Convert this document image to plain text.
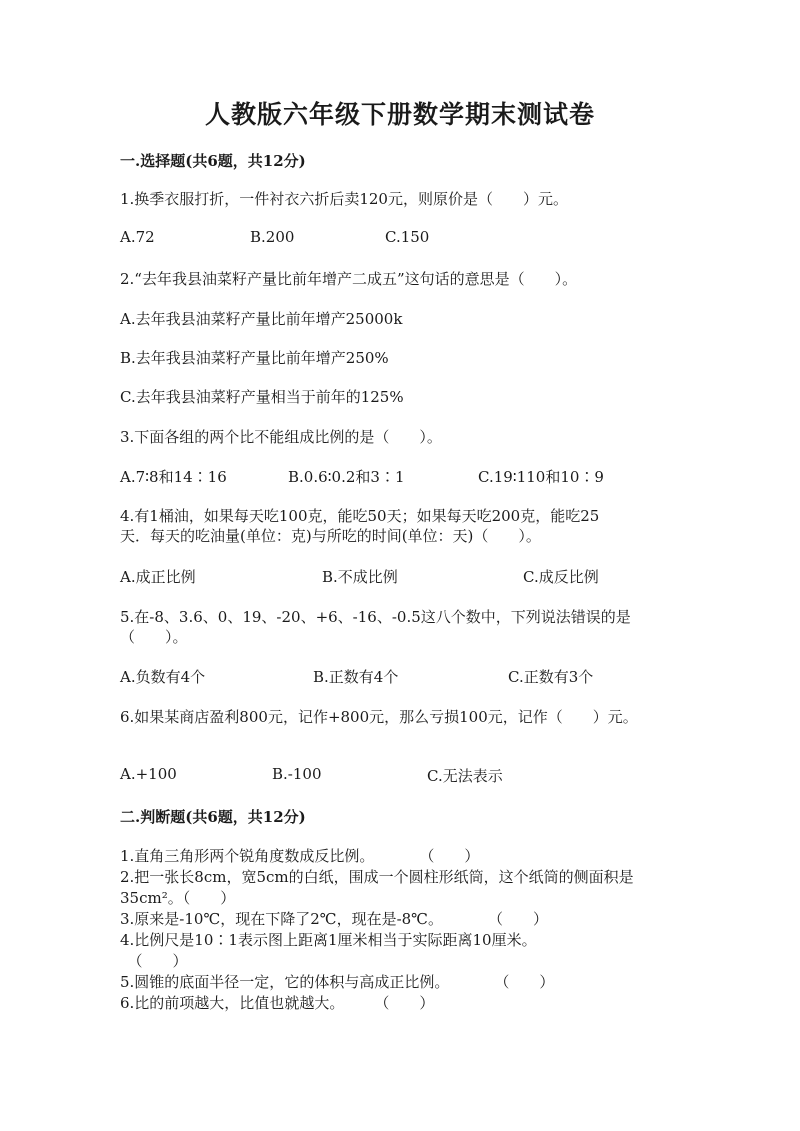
人教版六年级下册数学期末测试卷
一.选择题(共6题，共12分)
1.换季衣服打折，一件衬衣六折后卖120元，则原价是（　　）元。
A.72	B.200	C.150
2.“去年我县油菜籽产量比前年增产二成五”这句话的意思是（　　）。
A.去年我县油菜籽产量比前年增产25000k
B.去年我县油菜籽产量比前年增产250%
C.去年我县油菜籽产量相当于前年的125%
3.下面各组的两个比不能组成比例的是（　　）。
A.7∶8和14∶16	B.0.6∶0.2和3∶1	C.19∶110和10∶9
4.有1桶油，如果每天吃100克，能吃50天；如果每天吃200克，能吃25
天．每天的吃油量(单位：克)与所吃的时间(单位：天)（　　）。
A.成正比例	B.不成比例	C.成反比例
5.在-8、3.6、0、19、-20、+6、-16、-0.5这八个数中，下列说法错误的是
（　　）。
A.负数有4个	B.正数有4个	C.正数有3个
6.如果某商店盈利800元，记作+800元，那么亏损100元，记作（　　）元。
A.+100	B.-100	C.无法表示
二.判断题(共6题，共12分)
1.直角三角形两个锐角度数成反比例。　　　　（　　）
2.把一张长8cm，宽5cm的白纸，围成一个圆柱形纸筒，这个纸筒的侧面积是
35cm²。（　　）
3.原来是-10℃，现在下降了2℃，现在是-8℃。　　　　（　　）
4.比例尺是10∶1表示图上距离1厘米相当于实际距离10厘米。
　（　　）
5.圆锥的底面半径一定，它的体积与高成正比例。　　　　（　　）
6.比的前项越大，比值也就越大。　　　（　　）
